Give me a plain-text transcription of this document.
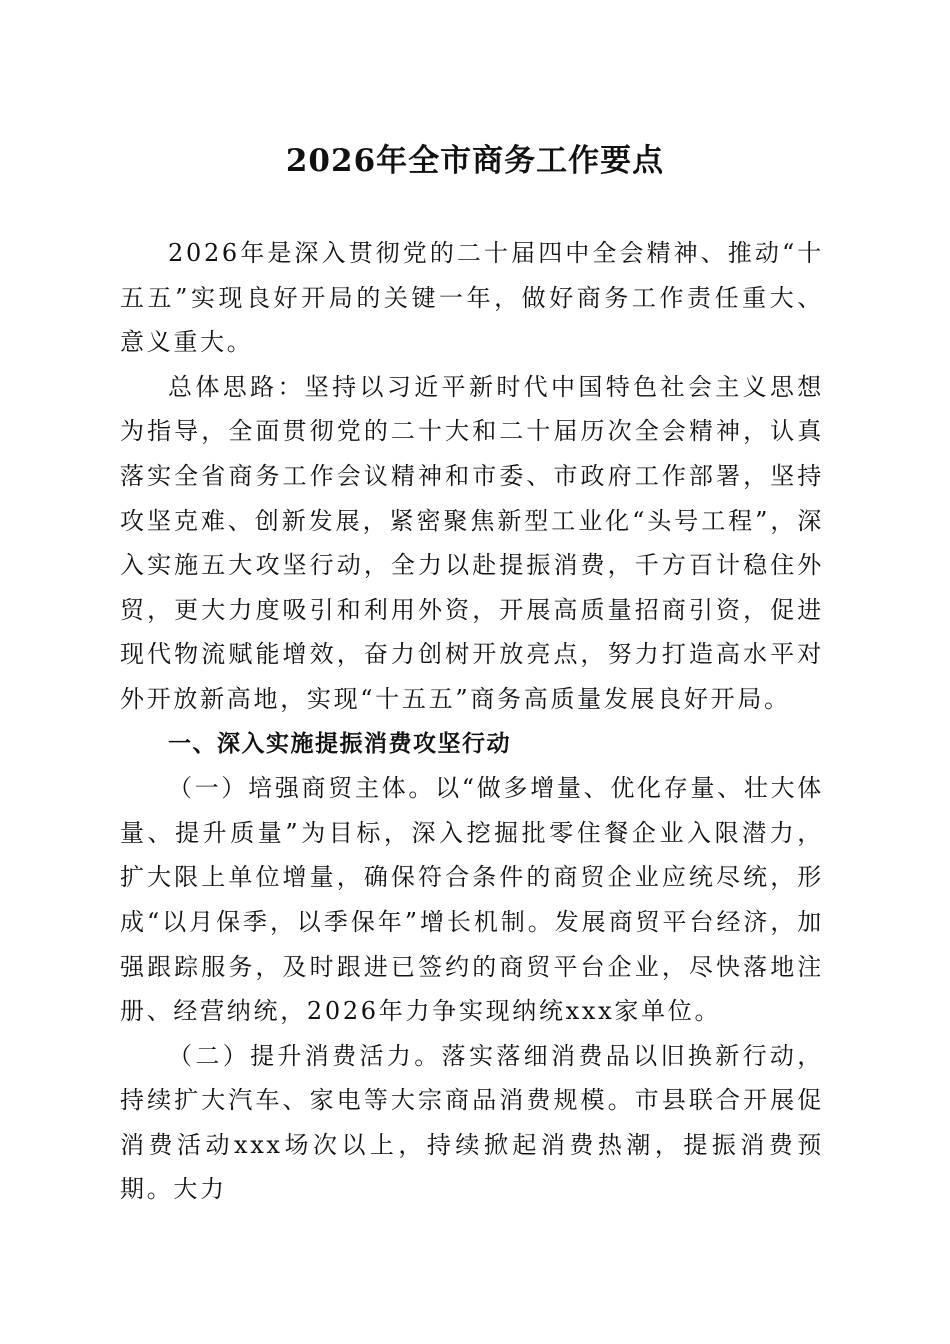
2026年全市商务工作要点

2026年是深入贯彻党的二十届四中全会精神、推动“十五五”实现良好开局的关键一年，做好商务工作责任重大、意义重大。

总体思路：坚持以习近平新时代中国特色社会主义思想为指导，全面贯彻党的二十大和二十届历次全会精神，认真落实全省商务工作会议精神和市委、市政府工作部署，坚持攻坚克难、创新发展，紧密聚焦新型工业化“头号工程”，深入实施五大攻坚行动，全力以赴提振消费，千方百计稳住外贸，更大力度吸引和利用外资，开展高质量招商引资，促进现代物流赋能增效，奋力创树开放亮点，努力打造高水平对外开放新高地，实现“十五五”商务高质量发展良好开局。

一、深入实施提振消费攻坚行动

（一）培强商贸主体。以“做多增量、优化存量、壮大体量、提升质量”为目标，深入挖掘批零住餐企业入限潜力，扩大限上单位增量，确保符合条件的商贸企业应统尽统，形成“以月保季，以季保年”增长机制。发展商贸平台经济，加强跟踪服务，及时跟进已签约的商贸平台企业，尽快落地注册、经营纳统，2026年力争实现纳统xxx家单位。

（二）提升消费活力。落实落细消费品以旧换新行动，持续扩大汽车、家电等大宗商品消费规模。市县联合开展促消费活动xxx场次以上，持续掀起消费热潮，提振消费预期。大力
